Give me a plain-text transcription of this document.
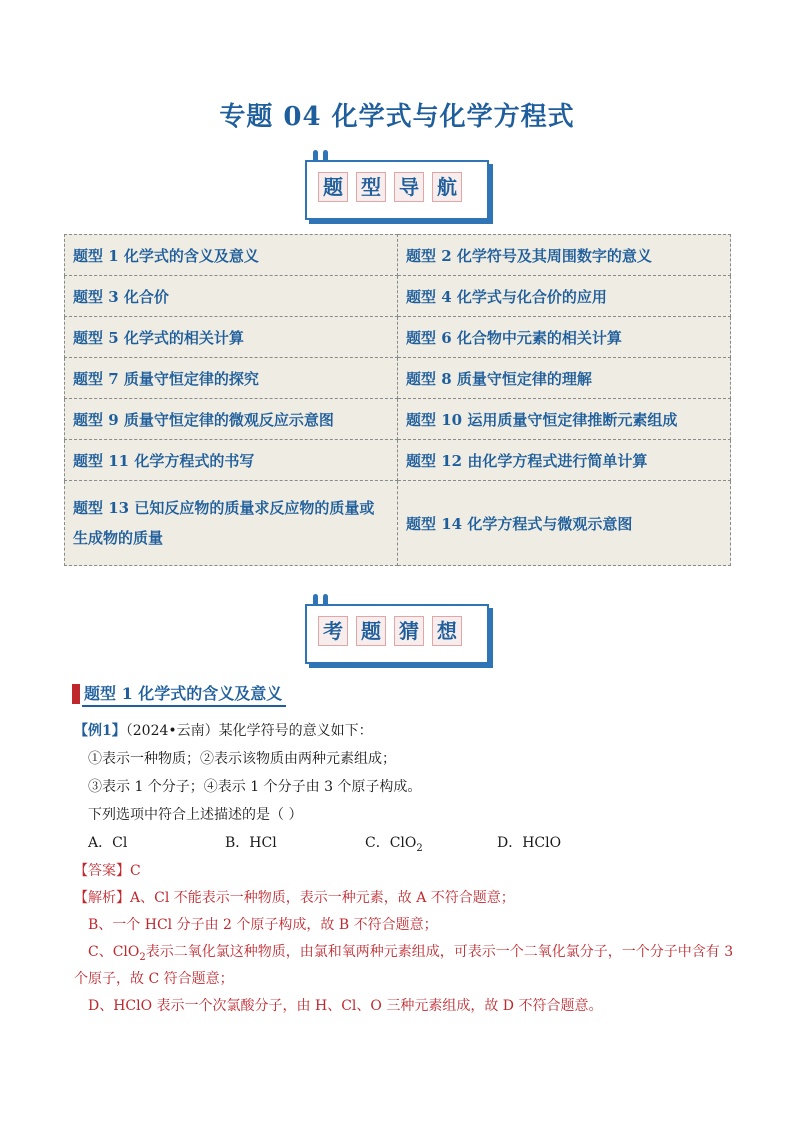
专题 04 化学式与化学方程式
题 型 导 航
题型 1 化学式的含义及意义	题型 2 化学符号及其周围数字的意义
题型 3 化合价	题型 4 化学式与化合价的应用
题型 5 化学式的相关计算	题型 6 化合物中元素的相关计算
题型 7 质量守恒定律的探究	题型 8 质量守恒定律的理解
题型 9 质量守恒定律的微观反应示意图	题型 10 运用质量守恒定律推断元素组成
题型 11 化学方程式的书写	题型 12 由化学方程式进行简单计算
题型 13 已知反应物的质量求反应物的质量或生成物的质量	题型 14 化学方程式与微观示意图
考 题 猜 想
题型 1 化学式的含义及意义
【例1】（2024•云南）某化学符号的意义如下：
①表示一种物质；②表示该物质由两种元素组成；
③表示 1 个分子；④表示 1 个分子由 3 个原子构成。
下列选项中符合上述描述的是（ ）
A．Cl	B．HCl	C．ClO$_2$	D．HClO
【答案】C
【解析】A、Cl 不能表示一种物质，表示一种元素，故 A 不符合题意；
B、一个 HCl 分子由 2 个原子构成，故 B 不符合题意；
C、ClO$_2$表示二氧化氯这种物质，由氯和氧两种元素组成，可表示一个二氧化氯分子，一个分子中含有 3
个原子，故 C 符合题意；
D、HClO 表示一个次氯酸分子，由 H、Cl、O 三种元素组成，故 D 不符合题意。
